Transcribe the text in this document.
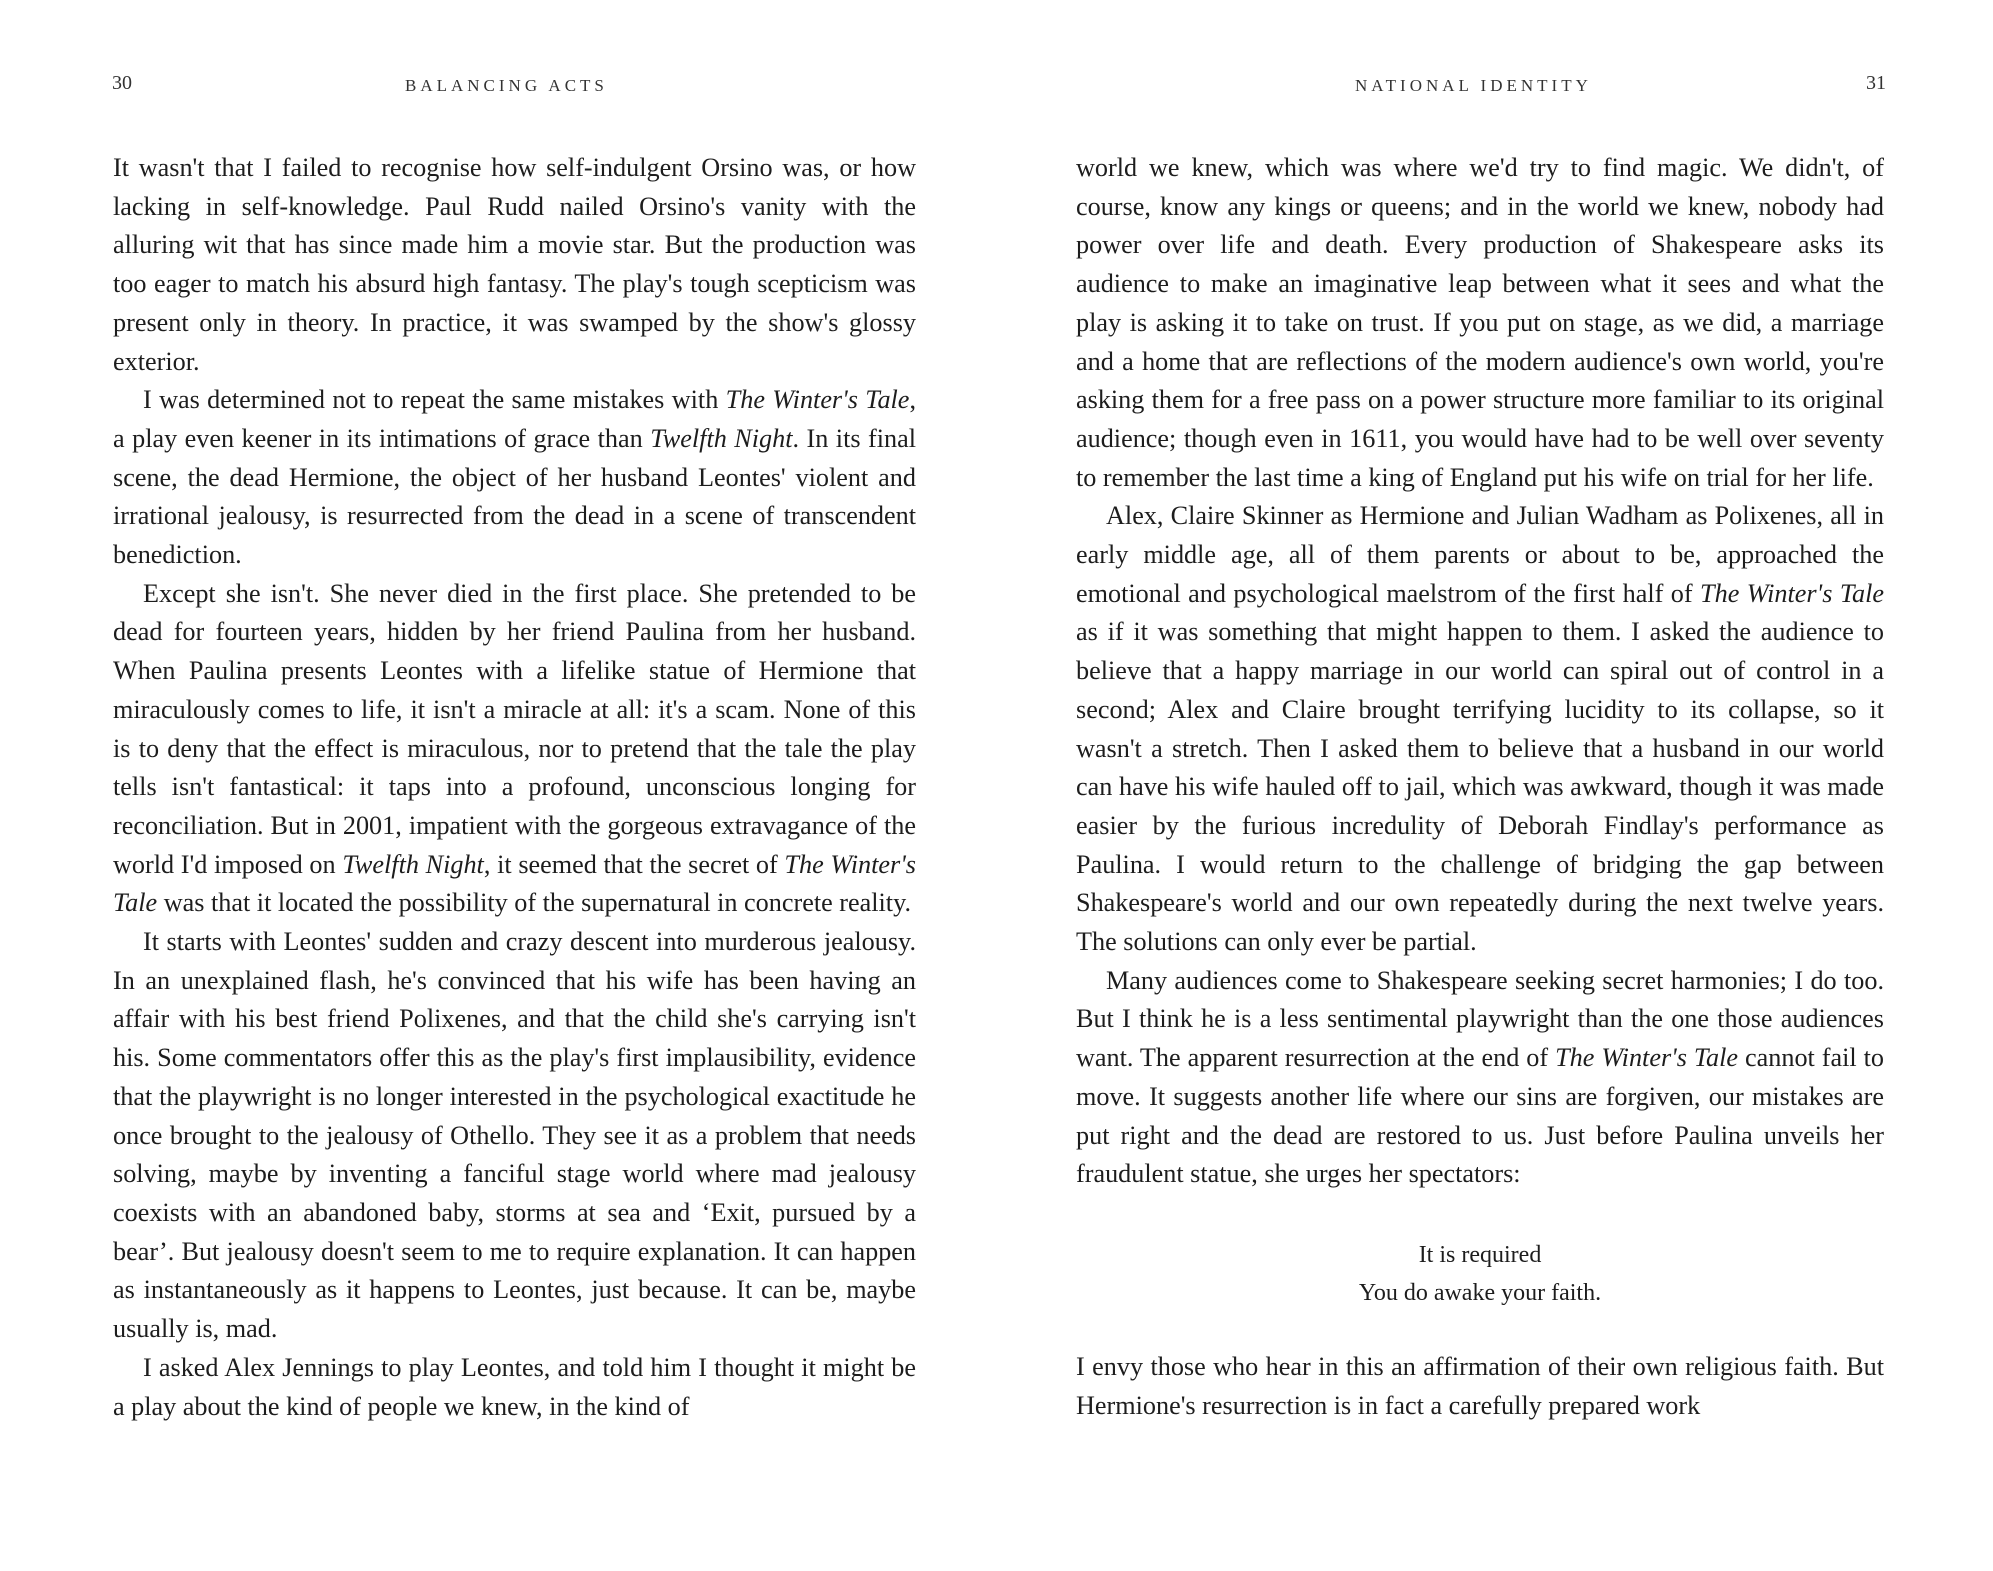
30	BALANCING ACTS

It wasn't that I failed to recognise how self-indulgent Orsino was, or how lacking in self-knowledge. Paul Rudd nailed Orsino's vanity with the alluring wit that has since made him a movie star. But the production was too eager to match his absurd high fantasy. The play's tough scepticism was present only in theory. In practice, it was swamped by the show's glossy exterior.

I was determined not to repeat the same mistakes with The Winter's Tale, a play even keener in its intimations of grace than Twelfth Night. In its final scene, the dead Hermione, the object of her husband Leontes' violent and irrational jealousy, is resurrected from the dead in a scene of transcendent benediction.

Except she isn't. She never died in the first place. She pretended to be dead for fourteen years, hidden by her friend Paulina from her husband. When Paulina presents Leontes with a lifelike statue of Hermione that miraculously comes to life, it isn't a miracle at all: it's a scam. None of this is to deny that the effect is miraculous, nor to pretend that the tale the play tells isn't fantastical: it taps into a profound, unconscious longing for reconciliation. But in 2001, impatient with the gorgeous extravagance of the world I'd imposed on Twelfth Night, it seemed that the secret of The Winter's Tale was that it located the possibility of the supernatural in concrete reality.

It starts with Leontes' sudden and crazy descent into murderous jealousy. In an unexplained flash, he's convinced that his wife has been having an affair with his best friend Polixenes, and that the child she's carrying isn't his. Some commentators offer this as the play's first implausibility, evidence that the playwright is no longer interested in the psychological exactitude he once brought to the jealousy of Othello. They see it as a problem that needs solving, maybe by inventing a fanciful stage world where mad jealousy coexists with an abandoned baby, storms at sea and ‘Exit, pursued by a bear’. But jealousy doesn't seem to me to require explanation. It can happen as instantaneously as it happens to Leontes, just because. It can be, maybe usually is, mad.

I asked Alex Jennings to play Leontes, and told him I thought it might be a play about the kind of people we knew, in the kind of

NATIONAL IDENTITY	31

world we knew, which was where we'd try to find magic. We didn't, of course, know any kings or queens; and in the world we knew, nobody had power over life and death. Every production of Shakespeare asks its audience to make an imaginative leap between what it sees and what the play is asking it to take on trust. If you put on stage, as we did, a marriage and a home that are reflections of the modern audience's own world, you're asking them for a free pass on a power structure more familiar to its original audience; though even in 1611, you would have had to be well over seventy to remember the last time a king of England put his wife on trial for her life.

Alex, Claire Skinner as Hermione and Julian Wadham as Polixenes, all in early middle age, all of them parents or about to be, approached the emotional and psychological maelstrom of the first half of The Winter's Tale as if it was something that might happen to them. I asked the audience to believe that a happy marriage in our world can spiral out of control in a second; Alex and Claire brought terrifying lucidity to its collapse, so it wasn't a stretch. Then I asked them to believe that a husband in our world can have his wife hauled off to jail, which was awkward, though it was made easier by the furious incredulity of Deborah Findlay's performance as Paulina. I would return to the challenge of bridging the gap between Shakespeare's world and our own repeatedly during the next twelve years. The solutions can only ever be partial.

Many audiences come to Shakespeare seeking secret harmonies; I do too. But I think he is a less sentimental playwright than the one those audiences want. The apparent resurrection at the end of The Winter's Tale cannot fail to move. It suggests another life where our sins are forgiven, our mistakes are put right and the dead are restored to us. Just before Paulina unveils her fraudulent statue, she urges her spectators:

It is required
You do awake your faith.

I envy those who hear in this an affirmation of their own religious faith. But Hermione's resurrection is in fact a carefully prepared work
